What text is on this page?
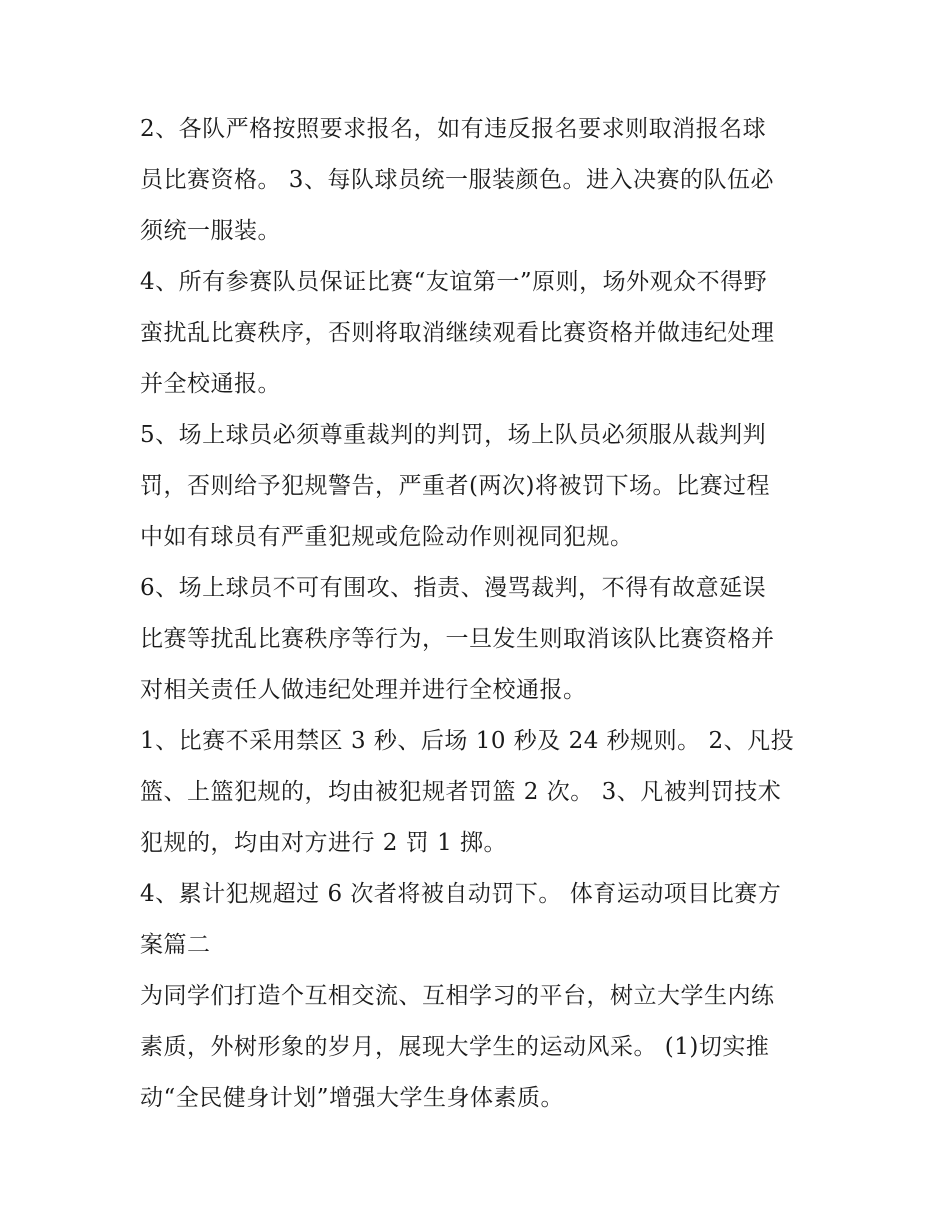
2、各队严格按照要求报名，如有违反报名要求则取消报名球
员比赛资格。 3、每队球员统一服装颜色。进入决赛的队伍必
须统一服装。
4、所有参赛队员保证比赛“友谊第一”原则，场外观众不得野
蛮扰乱比赛秩序，否则将取消继续观看比赛资格并做违纪处理
并全校通报。
5、场上球员必须尊重裁判的判罚，场上队员必须服从裁判判
罚，否则给予犯规警告，严重者(两次)将被罚下场。比赛过程
中如有球员有严重犯规或危险动作则视同犯规。
6、场上球员不可有围攻、指责、漫骂裁判，不得有故意延误
比赛等扰乱比赛秩序等行为，一旦发生则取消该队比赛资格并
对相关责任人做违纪处理并进行全校通报。
1、比赛不采用禁区 3 秒、后场 10 秒及 24 秒规则。 2、凡投
篮、上篮犯规的，均由被犯规者罚篮 2 次。 3、凡被判罚技术
犯规的，均由对方进行 2 罚 1 掷。
4、累计犯规超过 6 次者将被自动罚下。 体育运动项目比赛方
案篇二
为同学们打造个互相交流、互相学习的平台，树立大学生内练
素质，外树形象的岁月，展现大学生的运动风采。 (1)切实推
动“全民健身计划”增强大学生身体素质。
